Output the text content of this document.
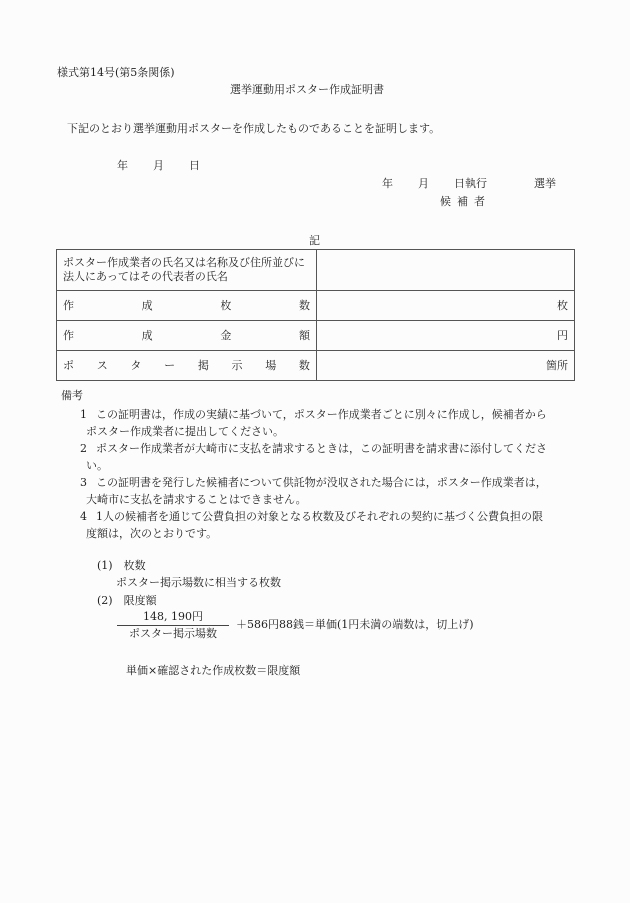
様式第14号(第5条関係)
選挙運動用ポスター作成証明書
下記のとおり選挙運動用ポスターを作成したものであることを証明します。
年 月 日
年 月 日執行	選挙
候補者
記
ポスター作成業者の氏名又は名称及び住所並びに法人にあってはその代表者の氏名	

作 成 枚 数	枚

作 成 金 額	円

ポ ス タ ー 掲 示 場 数	箇所
備考
1 この証明書は，作成の実績に基づいて，ポスター作成業者ごとに別々に作成し，候補者から
ポスター作成業者に提出してください。
2 ポスター作成業者が大崎市に支払を請求するときは，この証明書を請求書に添付してくださ
い。
3 この証明書を発行した候補者について供託物が没収された場合には，ポスター作成業者は，
大崎市に支払を請求することはできません。
4 1人の候補者を通じて公費負担の対象となる枚数及びそれぞれの契約に基づく公費負担の限
度額は，次のとおりです。
(1)　枚数
ポスター掲示場数に相当する枚数
(2)　限度額
148, 190円
ポスター掲示場数
＋586円88銭＝単価(1円未満の端数は，切上げ)
単価×確認された作成枚数＝限度額
